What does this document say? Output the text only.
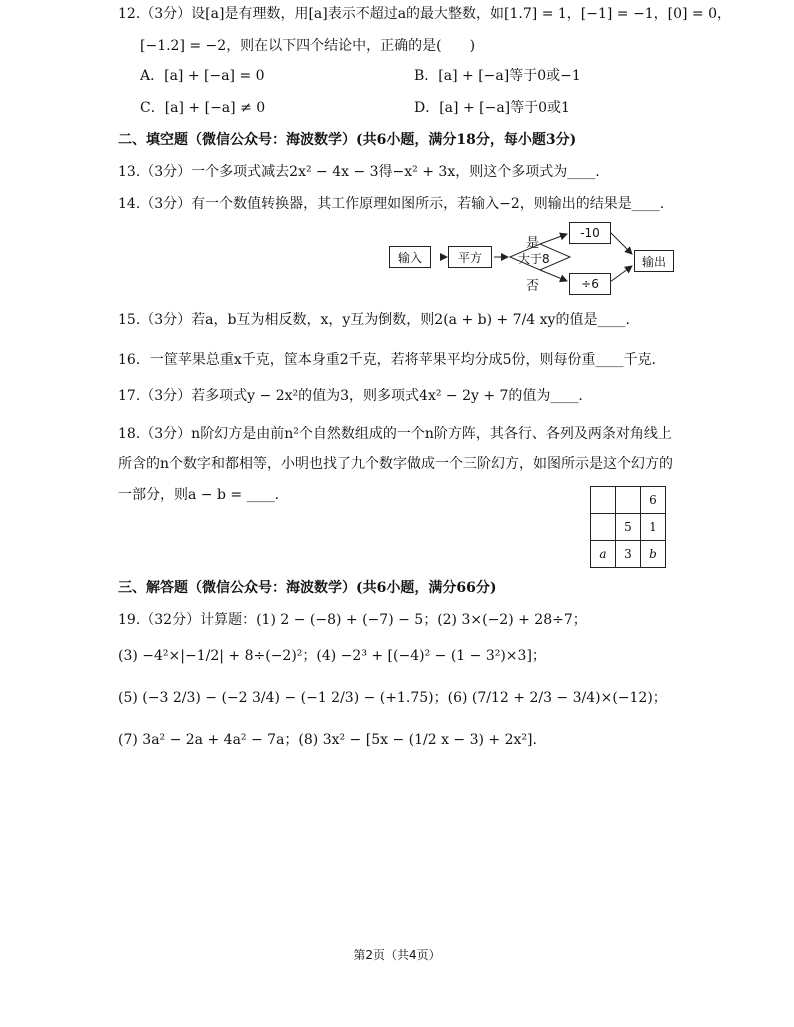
12.（3分）设[a]是有理数，用[a]表示不超过a的最大整数，如[1.7] = 1，[−1] = −1，[0] = 0，
[−1.2] = −2，则在以下四个结论中，正确的是(　　)
A．[a] + [−a] = 0	B．[a] + [−a]等于0或−1
C．[a] + [−a] ≠ 0	D．[a] + [−a]等于0或1
二、填空题（微信公众号：海波数学）(共6小题，满分18分，每小题3分)
13.（3分）一个多项式减去2x² − 4x − 3得−x² + 3x，则这个多项式为____.
14.（3分）有一个数值转换器，其工作原理如图所示，若输入−2，则输出的结果是____.
输入	平方	大于8
是
否
-10
÷6
输出
15.（3分）若a，b互为相反数，x，y互为倒数，则2(a + b) + 7/4 xy的值是____.
16．一筐苹果总重x千克，筐本身重2千克，若将苹果平均分成5份，则每份重____千克.
17.（3分）若多项式y − 2x²的值为3，则多项式4x² − 2y + 7的值为____.
18.（3分）n阶幻方是由前n²个自然数组成的一个n阶方阵，其各行、各列及两条对角线上
所含的n个数字和都相等，小明也找了九个数字做成一个三阶幻方，如图所示是这个幻方的
一部分，则a − b = ____.
			6
	5	1
a	3	b
三、解答题（微信公众号：海波数学）(共6小题，满分66分)
19.（32分）计算题：(1) 2 − (−8) + (−7) − 5；(2) 3×(−2) + 28÷7；
(3) −4²×|−1/2| + 8÷(−2)²；(4) −2³ + [(−4)² − (1 − 3²)×3]；
(5) (−3 2/3) − (−2 3/4) − (−1 2/3) − (+1.75)；(6) (7/12 + 2/3 − 3/4)×(−12)；
(7) 3a² − 2a + 4a² − 7a；(8) 3x² − [5x − (1/2 x − 3) + 2x²].
第2页（共4页）
